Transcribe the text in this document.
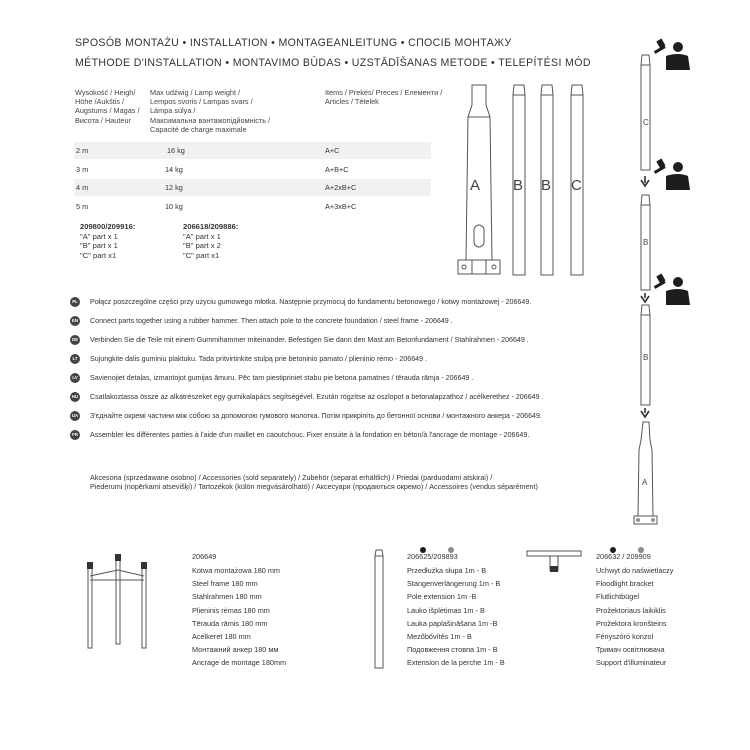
SPOSÓB MONTAŻU • INSTALLATION • MONTAGEANLEITUNG • СПОСІБ МОНТАЖУ
MÉTHODE D'INSTALLATION • MONTAVIMO BŪDAS • UZSTĀDĪŠANAS METODE • TELEPÍTÉSI MÓD
Wysokość / Heigh/
Höhe /Aukštis /
Augstums / Magas /
Висота / Hauteur
Max udźwig / Lamp weight /
Lempos svoris / Lampas svars /
Lámpa súlya /
Максимальна вантажопідйомність /
Capacité de charge maximale
Items / Prekės/ Preces / Елементи /
Articles / Tételek
2 m	16 kg	A+C
3 m	14 kg	A+B+C
4 m	12 kg	A+2xB+C
5 m	10 kg	A+3xB+C
209800/209916:
"A" part x 1
"B" part x 1
"C" part x1
206618/209886:
"A" part x 1
"B" part x 2
"C" part x1
A B B C
C
B
B
A
PL	Połącz poszczególne części przy użyciu gumowego młotka. Następnie przymocuj do fundamentu betonowego / kotwy montażowej - 206649.
EN Connect parts together using a rubber hammer. Then attach pole to the concrete foundation / steel frame - 206649 .
DE Verbinden Sie die Teile mit einem Gummihammer miteinander. Befestigen Sie dann den Mast am Betonfundament / Stahlrahmen - 206649 .
LT	Sujungkite dalis guminiu plaktuku. Tada pritvirtinkite stulpą prie betoninio pamato / plieninio rėmo - 206649 .
LV	Savienojiet detaļas, izmantojot gumijas āmuru. Pēc tam piestipriniet stabu pie betona pamatnes / tērauda rāmja - 206649 .
HU Csatlakoztassa össze az alkatrészeket egy gumikalapács segítségével. Ezután rögzítse az oszlopot a betonalapzathoz / acélkerethez - 206649 .
UA З'єднайте окремі частини між собою за допомогою гумового молотка. Потім прикріпіть до бетонної основи / монтажного анкера - 206649.
FR Assembler les différentes parties à l'aide d'un maillet en caoutchouc. Fixer ensuite à la fondation en béton/à l'ancrage de montage - 206649.
Akcesoria (sprzedawane osobno) / Accessories (sold separately) / Zubehör (separat erhältlich) / Priedai (parduodami atskirai) /
Piederumi (nopērkami atsevišķi) / Tartozékok (külön megvásárolható) / Аксесуари (продаються окремо) / Accessoires (vendus séparément)
206649
Kotwa montażowa 180 mm
Steel frame 180 mm
Stahlrahmen 180 mm
Plieninis rėmas 180 mm
Tērauda rāmis 180 mm
Acélkeret 180 mm
Монтажний анкер 180 мм
Ancrage de montage 180mm

206625/209893
Przedłużka słupa 1m - B
Stangenverlängerung 1m - B
Pole extension 1m -B
Lauko išplėtimas 1m - B
Lauka paplašināšana 1m -B
Mezőbővítés 1m - B
Подовження стовпа 1m - B
Extension de la perche 1m - B

206632 / 209909
Uchwyt do naświetlaczy
Floodlight bracket
Flutlichtbügel
Prožektoriaus laikiklis
Prožektora kronšteins
Fényszóró konzol
Тримач освітлювача
Support d'illuminateur
